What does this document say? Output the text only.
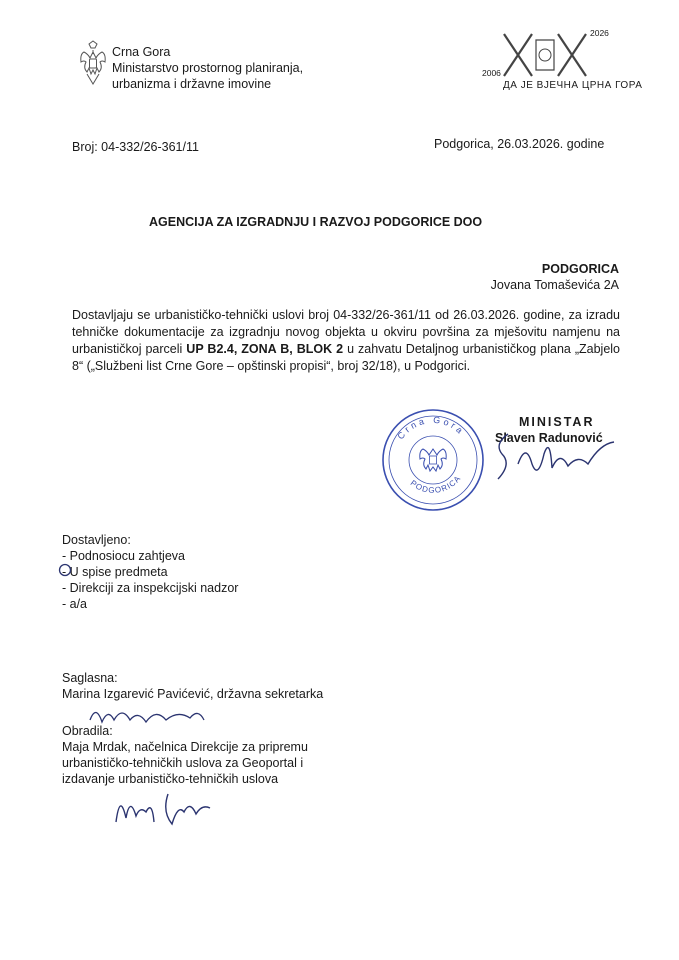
Crna Gora
Ministarstvo prostornog planiranja,
urbanizma i državne imovine
2006
2026
ДА ЈЕ ВЈЕЧНА ЦРНА ГОРА
Broj: 04-332/26-361/11	Podgorica, 26.03.2026. godine
AGENCIJA ZA IZGRADNJU I RAZVOJ PODGORICE DOO
PODGORICA
Jovana Tomaševića 2A
Dostavljaju se urbanističko-tehnički uslovi broj 04-332/26-361/11 od 26.03.2026. godine, za izradu tehničke dokumentacije za izgradnju novog objekta u okviru površina za mješovitu namjenu na urbanističkoj parceli UP B2.4, ZONA B, BLOK 2 u zahvatu Detaljnog urbanističkog plana „Zabjelo 8“ („Službeni list Crne Gore – opštinski propisi“, broj 32/18), u Podgorici.
Crna Gora
PODGORICA
MINISTAR
Slaven Radunović
Dostavljeno:
- Podnosiocu zahtjeva
- U spise predmeta
- Direkciji za inspekcijski nadzor
- a/a
Saglasna:
Marina Izgarević Pavićević, državna sekretarka
Obradila:
Maja Mrdak, načelnica Direkcije za pripremu
urbanističko-tehničkih uslova za Geoportal i
izdavanje urbanističko-tehničkih uslova
